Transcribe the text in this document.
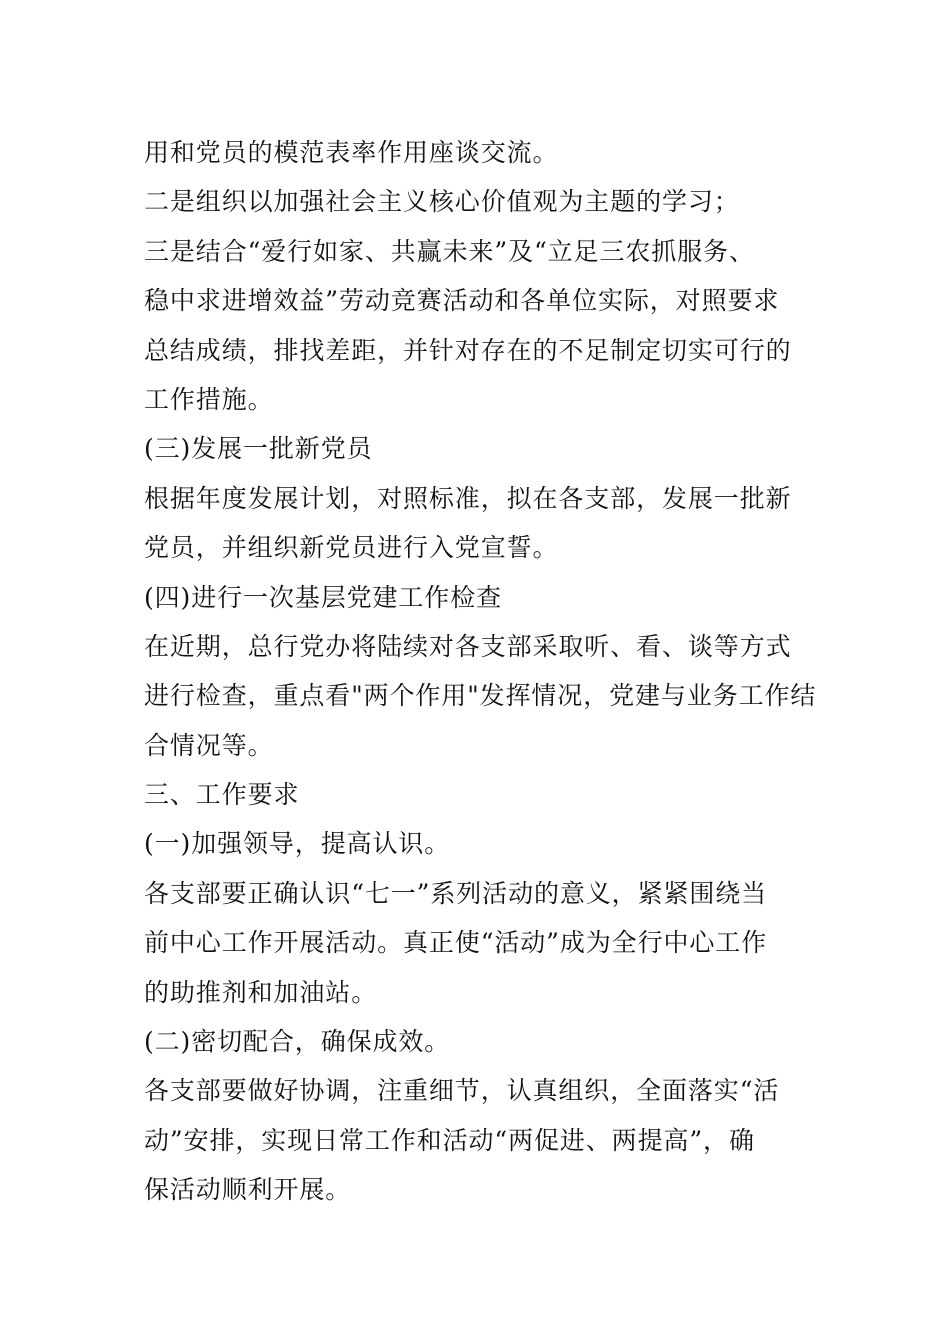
用和党员的模范表率作用座谈交流。

二是组织以加强社会主义核心价值观为主题的学习；

三是结合“爱行如家、共赢未来”及“立足三农抓服务、

稳中求进增效益”劳动竞赛活动和各单位实际，对照要求

总结成绩，排找差距，并针对存在的不足制定切实可行的

工作措施。

(三)发展一批新党员

根据年度发展计划，对照标准，拟在各支部，发展一批新

党员，并组织新党员进行入党宣誓。

(四)进行一次基层党建工作检查

在近期，总行党办将陆续对各支部采取听、看、谈等方式

进行检查，重点看"两个作用"发挥情况，党建与业务工作结

合情况等。

三、工作要求

(一)加强领导，提高认识。

各支部要正确认识“七一”系列活动的意义，紧紧围绕当

前中心工作开展活动。真正使“活动”成为全行中心工作

的助推剂和加油站。

(二)密切配合，确保成效。

各支部要做好协调，注重细节，认真组织，全面落实“活

动”安排，实现日常工作和活动“两促进、两提高”，确

保活动顺利开展。
